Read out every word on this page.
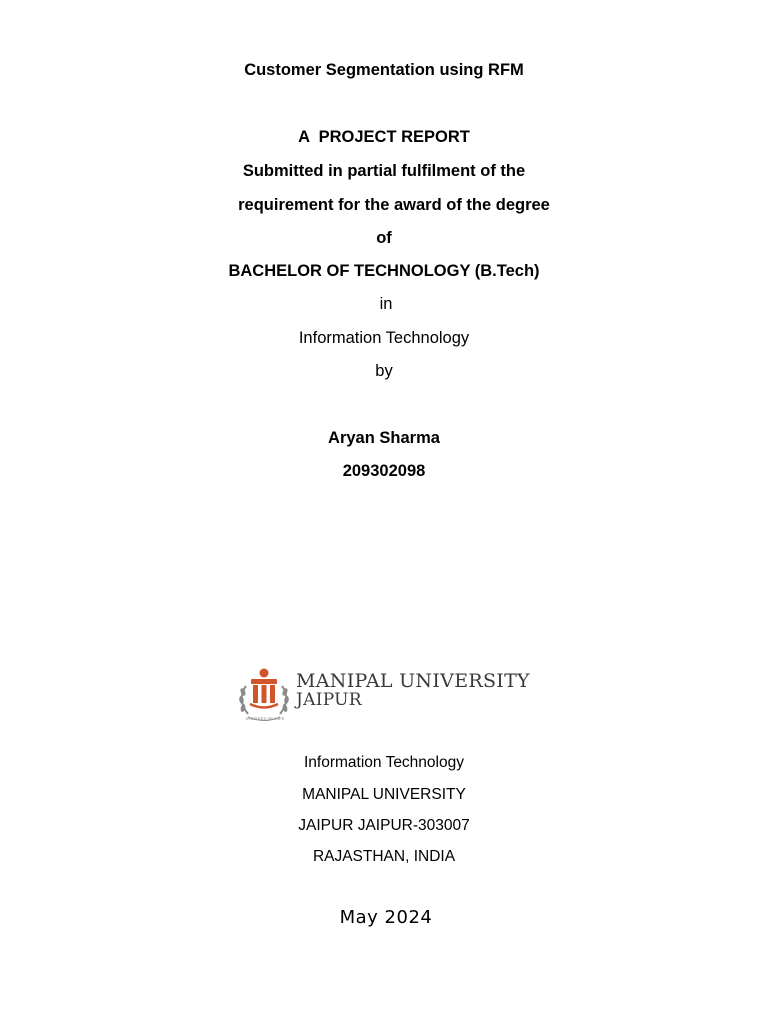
Customer Segmentation using RFM
A  PROJECT REPORT
Submitted in partial fulfilment of the
requirement for the award of the degree
of
BACHELOR OF TECHNOLOGY (B.Tech)
in
Information Technology
by
Aryan Sharma
209302098
MANIPAL UNIVERSITY
JAIPUR
INSPIRED BY LIFE
Information Technology
MANIPAL UNIVERSITY
JAIPUR JAIPUR-303007
RAJASTHAN, INDIA
May 2024
